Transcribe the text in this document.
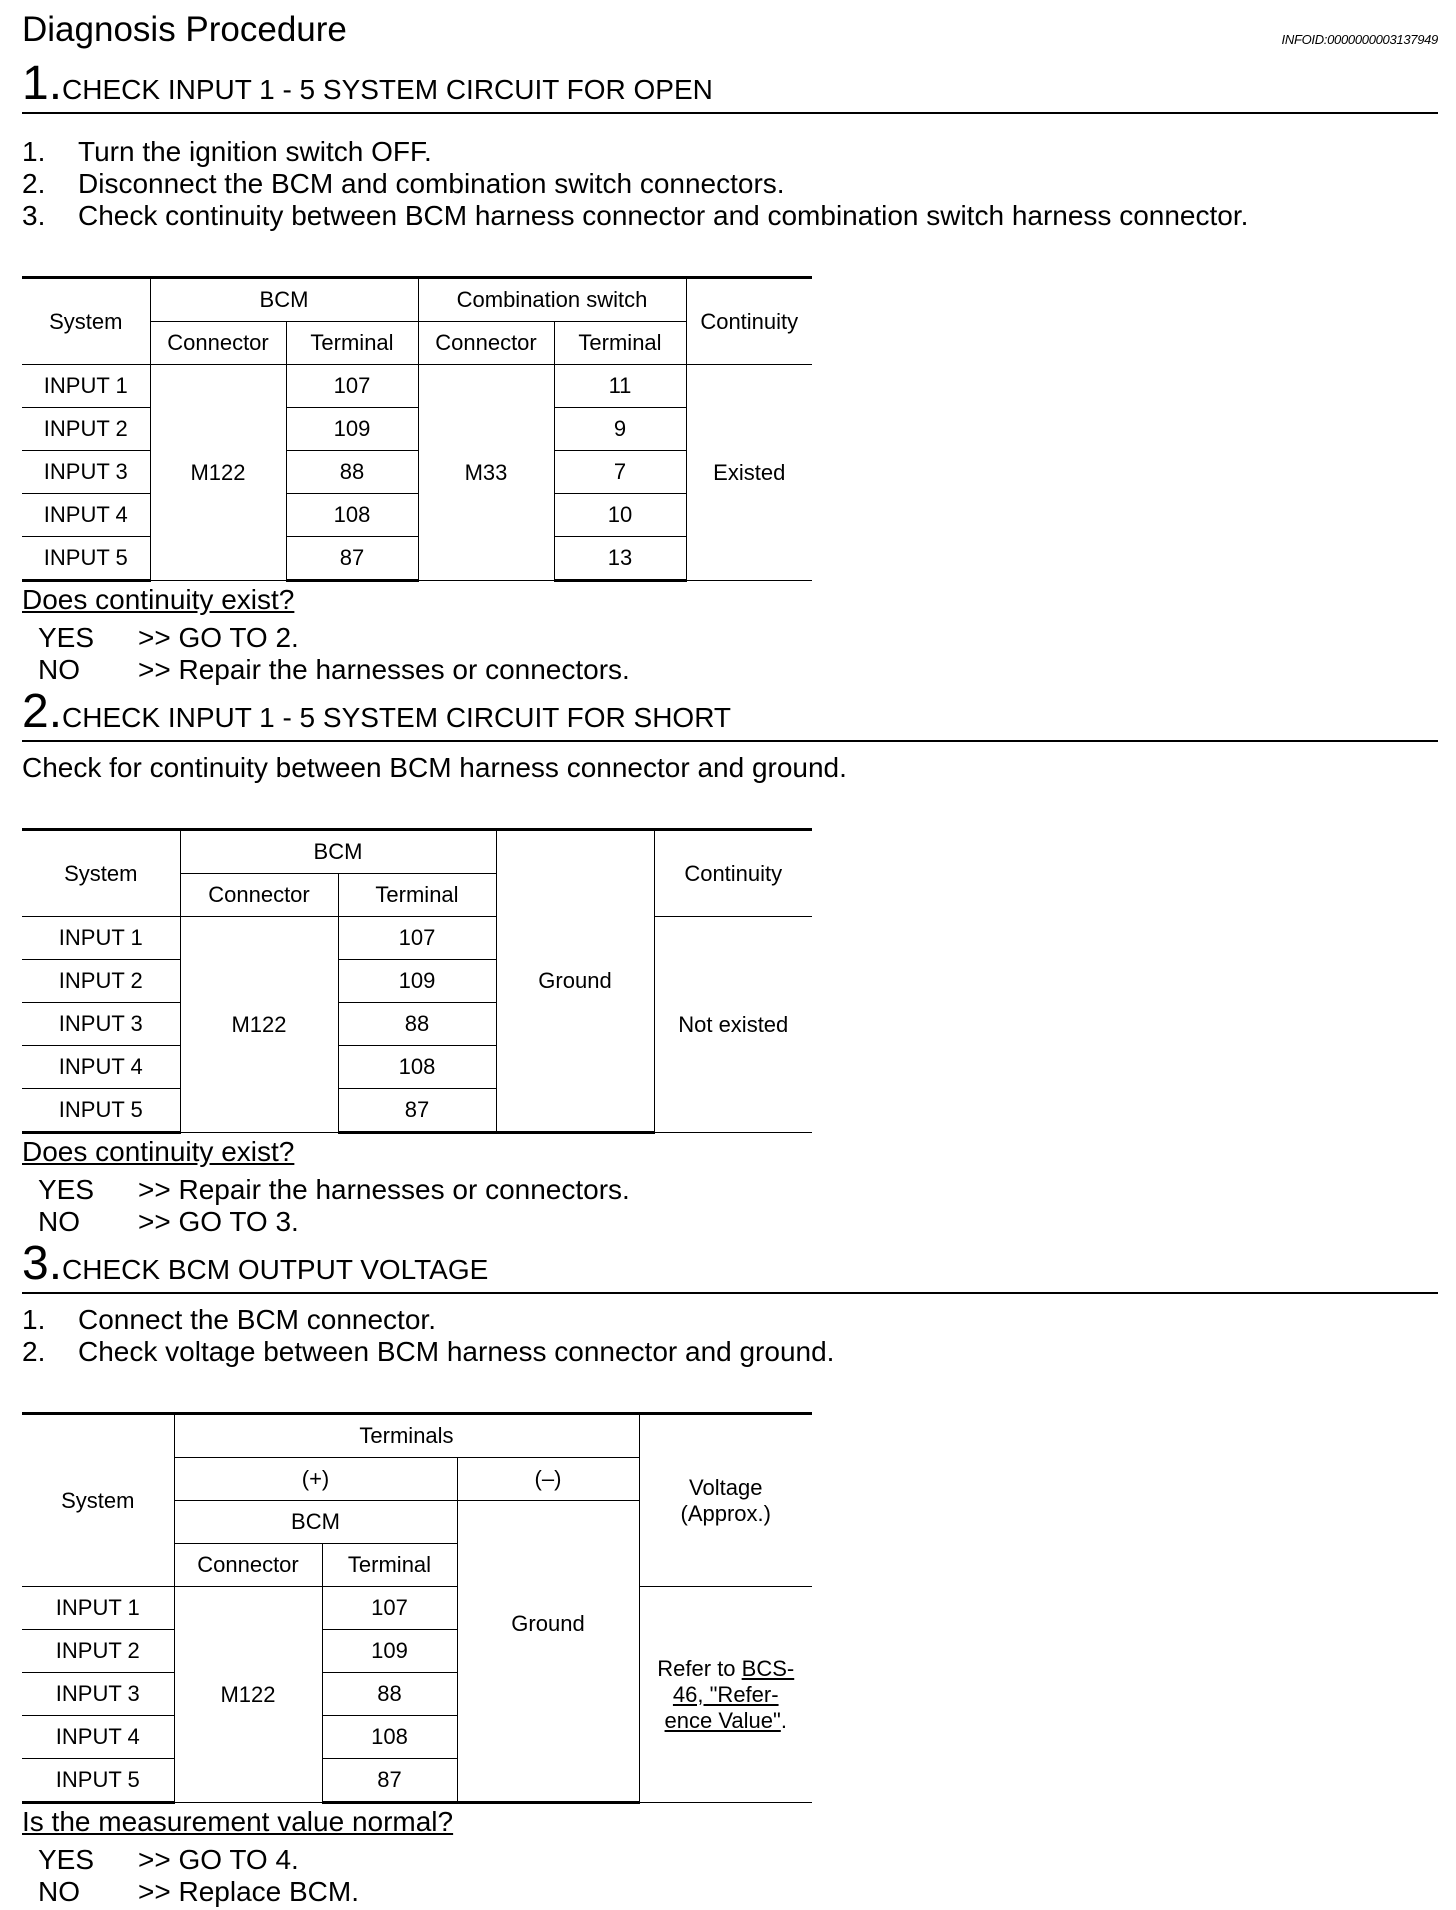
Diagnosis Procedure	INFOID:0000000003137949
1.CHECK INPUT 1 - 5 SYSTEM CIRCUIT FOR OPEN
1. Turn the ignition switch OFF.
2. Disconnect the BCM and combination switch connectors.
3. Check continuity between BCM harness connector and combination switch harness connector.
System	BCM		Combination switch		Continuity
	Connector	Terminal	Connector	Terminal	
INPUT 1	M122	107	M33	11	Existed
INPUT 2		109		9	
INPUT 3		88		7	
INPUT 4		108		10	
INPUT 5		87		13	
Does continuity exist?
YES >> GO TO 2.
NO >> Repair the harnesses or connectors.
2.CHECK INPUT 1 - 5 SYSTEM CIRCUIT FOR SHORT
Check for continuity between BCM harness connector and ground.
System	BCM		Ground	Continuity
	Connector	Terminal		
INPUT 1	M122	107		Not existed
INPUT 2		109		
INPUT 3		88		
INPUT 4		108		
INPUT 5		87		
Does continuity exist?
YES >> Repair the harnesses or connectors.
NO >> GO TO 3.
3.CHECK BCM OUTPUT VOLTAGE
1. Connect the BCM connector.
2. Check voltage between BCM harness connector and ground.
System	Terminals			Voltage
(Approx.)

	(+)		(–)	
	BCM		Ground	
	Connector	Terminal		
INPUT 1	M122	107		Refer to BCS-
46, "Refer-
ence Value".
INPUT 2		109		
INPUT 3		88		
INPUT 4		108		
INPUT 5		87		
Is the measurement value normal?
YES >> GO TO 4.
NO >> Replace BCM.
